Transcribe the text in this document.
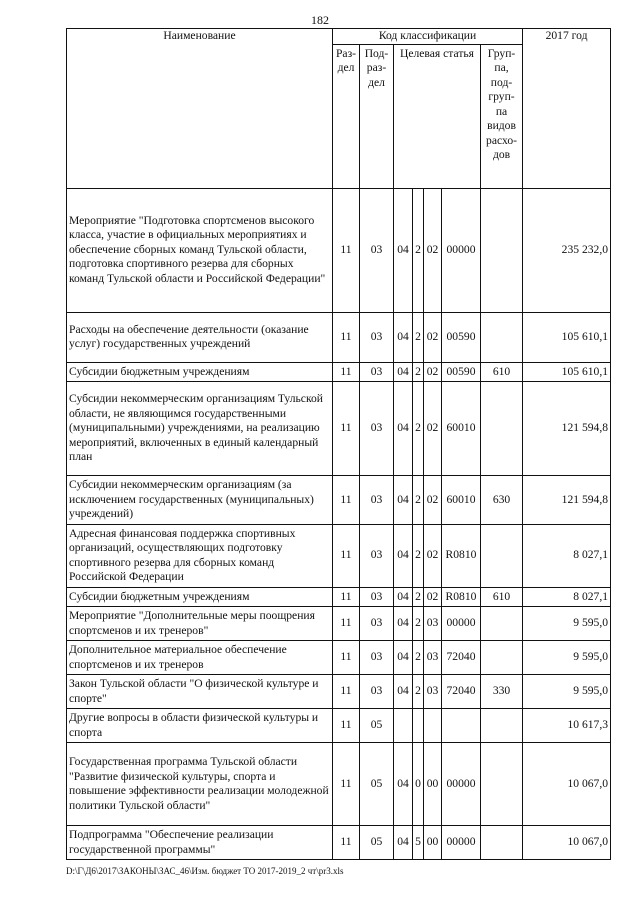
182
Наименование	Код классификации							2017 год
	Раз- дел	Под- раз- дел	Целевая статья				Груп- па, под- груп- па видов расхо- дов	
Мероприятие "Подготовка спортсменов высокого класса, участие в официальных мероприятиях и обеспечение сборных команд Тульской области, подготовка спортивного резерва для сборных команд Тульской области и Российской Федерации"	11	03	04	2	02	00000		235 232,0
Расходы на обеспечение деятельности (оказание услуг) государственных учреждений	11	03	04	2	02	00590		105 610,1
Субсидии бюджетным учреждениям	11	03	04	2	02	00590	610	105 610,1
Субсидии некоммерческим организациям Тульской области, не являющимся государственными (муниципальными) учреждениями, на реализацию мероприятий, включенных в единый календарный план	11	03	04	2	02	60010		121 594,8
Субсидии некоммерческим организациям (за исключением государственных (муниципальных) учреждений)	11	03	04	2	02	60010	630	121 594,8
Адресная финансовая поддержка спортивных организаций, осуществляющих подготовку спортивного резерва для сборных команд Российской Федерации	11	03	04	2	02	R0810		8 027,1
Субсидии бюджетным учреждениям	11	03	04	2	02	R0810	610	8 027,1
Мероприятие "Дополнительные меры поощрения спортсменов и их тренеров"	11	03	04	2	03	00000		9 595,0
Дополнительное материальное обеспечение спортсменов и их тренеров	11	03	04	2	03	72040		9 595,0
Закон Тульской области "О физической культуре и спорте"	11	03	04	2	03	72040	330	9 595,0
Другие вопросы в области физической культуры и спорта	11	05						10 617,3
Государственная программа Тульской области "Развитие физической культуры, спорта и повышение эффективности реализации молодежной политики Тульской области"	11	05	04	0	00	00000		10 067,0
Подпрограмма "Обеспечение реализации государственной программы"	11	05	04	5	00	00000		10 067,0
D:\Г\Д6\2017\ЗАКОНЫ\ЗАС_46\Изм. бюджет ТО 2017-2019_2 чт\pr3.xls
